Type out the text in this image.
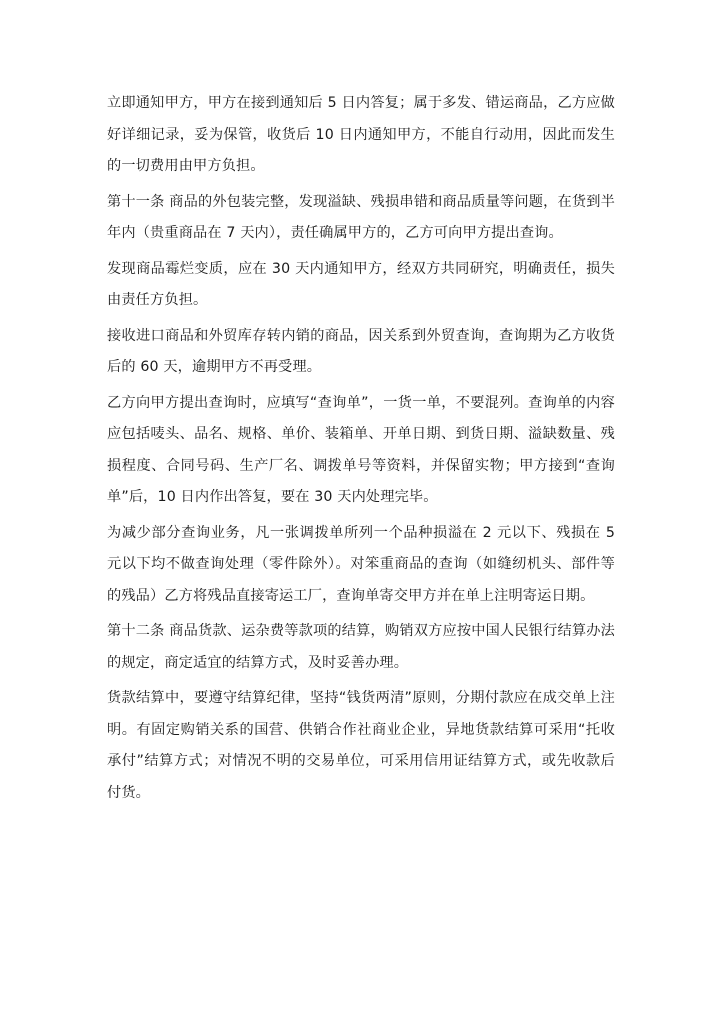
立即通知甲方，甲方在接到通知后 5 日内答复；属于多发、错运商品，乙方应做好详细记录，妥为保管，收货后 10 日内通知甲方，不能自行动用，因此而发生的一切费用由甲方负担。

第十一条 商品的外包装完整，发现溢缺、残损串错和商品质量等问题，在货到半年内（贵重商品在 7 天内），责任确属甲方的，乙方可向甲方提出查询。

发现商品霉烂变质，应在 30 天内通知甲方，经双方共同研究，明确责任，损失由责任方负担。

接收进口商品和外贸库存转内销的商品，因关系到外贸查询，查询期为乙方收货后的 60 天，逾期甲方不再受理。

乙方向甲方提出查询时，应填写“查询单”，一货一单，不要混列。查询单的内容应包括唛头、品名、规格、单价、装箱单、开单日期、到货日期、溢缺数量、残损程度、合同号码、生产厂名、调拨单号等资料，并保留实物；甲方接到“查询单”后，10 日内作出答复，要在 30 天内处理完毕。

为减少部分查询业务，凡一张调拨单所列一个品种损溢在 2 元以下、残损在 5 元以下均不做查询处理（零件除外）。对笨重商品的查询（如缝纫机头、部件等的残品）乙方将残品直接寄运工厂，查询单寄交甲方并在单上注明寄运日期。

第十二条 商品货款、运杂费等款项的结算，购销双方应按中国人民银行结算办法的规定，商定适宜的结算方式，及时妥善办理。

货款结算中，要遵守结算纪律，坚持“钱货两清”原则，分期付款应在成交单上注明。有固定购销关系的国营、供销合作社商业企业，异地货款结算可采用“托收承付”结算方式；对情况不明的交易单位，可采用信用证结算方式，或先收款后付货。
